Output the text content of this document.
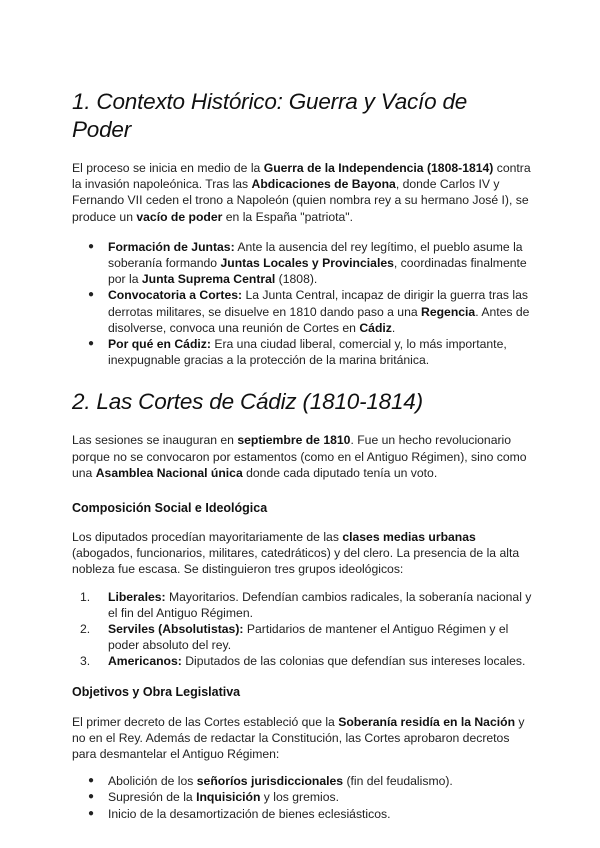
1. Contexto Histórico: Guerra y Vacío de Poder

El proceso se inicia en medio de la Guerra de la Independencia (1808-1814) contra la invasión napoleónica. Tras las Abdicaciones de Bayona, donde Carlos IV y Fernando VII ceden el trono a Napoleón (quien nombra rey a su hermano José I), se produce un vacío de poder en la España "patriota".

● Formación de Juntas: Ante la ausencia del rey legítimo, el pueblo asume la soberanía formando Juntas Locales y Provinciales, coordinadas finalmente por la Junta Suprema Central (1808).
● Convocatoria a Cortes: La Junta Central, incapaz de dirigir la guerra tras las derrotas militares, se disuelve en 1810 dando paso a una Regencia. Antes de disolverse, convoca una reunión de Cortes en Cádiz.
● Por qué en Cádiz: Era una ciudad liberal, comercial y, lo más importante, inexpugnable gracias a la protección de la marina británica.
2. Las Cortes de Cádiz (1810-1814)

Las sesiones se inauguran en septiembre de 1810. Fue un hecho revolucionario porque no se convocaron por estamentos (como en el Antiguo Régimen), sino como una Asamblea Nacional única donde cada diputado tenía un voto.

Composición Social e Ideológica

Los diputados procedían mayoritariamente de las clases medias urbanas (abogados, funcionarios, militares, catedráticos) y del clero. La presencia de la alta nobleza fue escasa. Se distinguieron tres grupos ideológicos:

1. Liberales: Mayoritarios. Defendían cambios radicales, la soberanía nacional y el fin del Antiguo Régimen.
2. Serviles (Absolutistas): Partidarios de mantener el Antiguo Régimen y el poder absoluto del rey.
3. Americanos: Diputados de las colonias que defendían sus intereses locales.
Objetivos y Obra Legislativa

El primer decreto de las Cortes estableció que la Soberanía residía en la Nación y no en el Rey. Además de redactar la Constitución, las Cortes aprobaron decretos para desmantelar el Antiguo Régimen:

● Abolición de los señoríos jurisdiccionales (fin del feudalismo).
● Supresión de la Inquisición y los gremios.
● Inicio de la desamortización de bienes eclesiásticos.
